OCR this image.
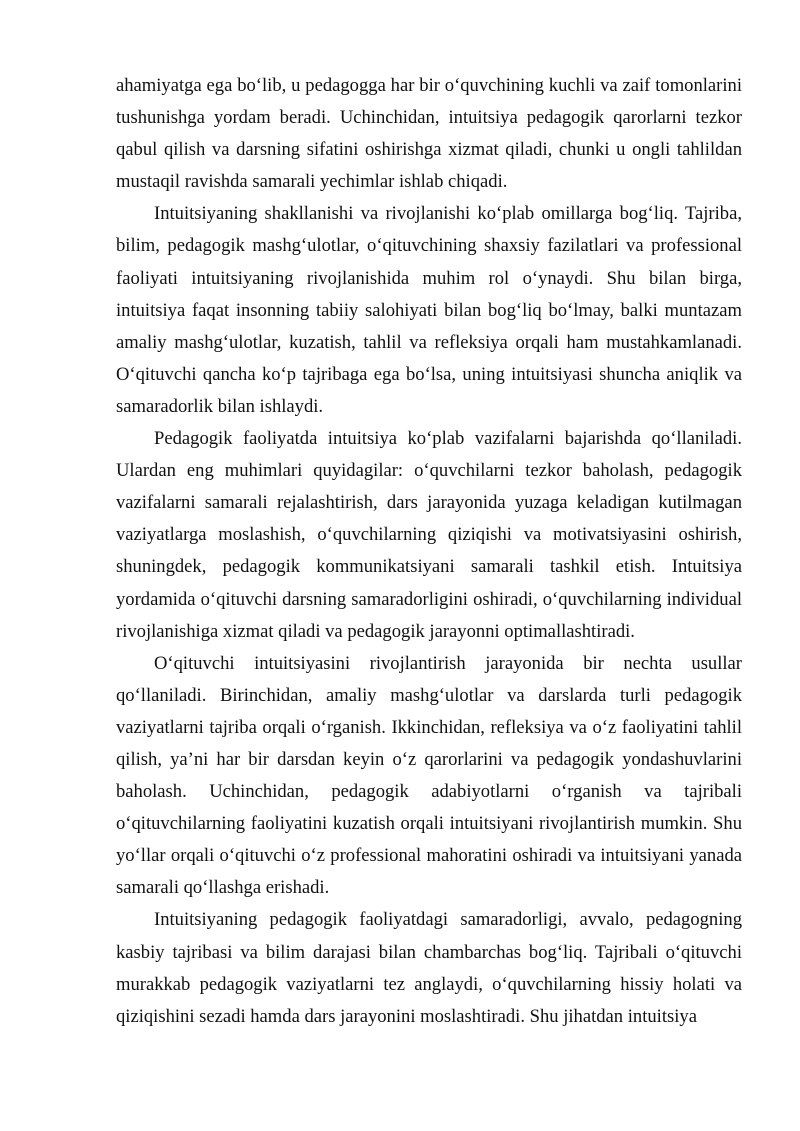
ahamiyatga ega bo‘lib, u pedagogga har bir o‘quvchining kuchli va zaif tomonlarini tushunishga yordam beradi. Uchinchidan, intuitsiya pedagogik qarorlarni tezkor qabul qilish va darsning sifatini oshirishga xizmat qiladi, chunki u ongli tahlildan mustaqil ravishda samarali yechimlar ishlab chiqadi.

Intuitsiyaning shakllanishi va rivojlanishi ko‘plab omillarga bog‘liq. Tajriba, bilim, pedagogik mashg‘ulotlar, o‘qituvchining shaxsiy fazilatlari va professional faoliyati intuitsiyaning rivojlanishida muhim rol o‘ynaydi. Shu bilan birga, intuitsiya faqat insonning tabiiy salohiyati bilan bog‘liq bo‘lmay, balki muntazam amaliy mashg‘ulotlar, kuzatish, tahlil va refleksiya orqali ham mustahkamlanadi. O‘qituvchi qancha ko‘p tajribaga ega bo‘lsa, uning intuitsiyasi shuncha aniqlik va samaradorlik bilan ishlaydi.

Pedagogik faoliyatda intuitsiya ko‘plab vazifalarni bajarishda qo‘llaniladi. Ulardan eng muhimlari quyidagilar: o‘quvchilarni tezkor baholash, pedagogik vazifalarni samarali rejalashtirish, dars jarayonida yuzaga keladigan kutilmagan vaziyatlarga moslashish, o‘quvchilarning qiziqishi va motivatsiyasini oshirish, shuningdek, pedagogik kommunikatsiyani samarali tashkil etish. Intuitsiya yordamida o‘qituvchi darsning samaradorligini oshiradi, o‘quvchilarning individual rivojlanishiga xizmat qiladi va pedagogik jarayonni optimallashtiradi.

O‘qituvchi intuitsiyasini rivojlantirish jarayonida bir nechta usullar qo‘llaniladi. Birinchidan, amaliy mashg‘ulotlar va darslarda turli pedagogik vaziyatlarni tajriba orqali o‘rganish. Ikkinchidan, refleksiya va o‘z faoliyatini tahlil qilish, ya’ni har bir darsdan keyin o‘z qarorlarini va pedagogik yondashuvlarini baholash. Uchinchidan, pedagogik adabiyotlarni o‘rganish va tajribali o‘qituvchilarning faoliyatini kuzatish orqali intuitsiyani rivojlantirish mumkin. Shu yo‘llar orqali o‘qituvchi o‘z professional mahoratini oshiradi va intuitsiyani yanada samarali qo‘llashga erishadi.

Intuitsiyaning pedagogik faoliyatdagi samaradorligi, avvalo, pedagogning kasbiy tajribasi va bilim darajasi bilan chambarchas bog‘liq. Tajribali o‘qituvchi murakkab pedagogik vaziyatlarni tez anglaydi, o‘quvchilarning hissiy holati va qiziqishini sezadi hamda dars jarayonini moslashtiradi. Shu jihatdan intuitsiya
